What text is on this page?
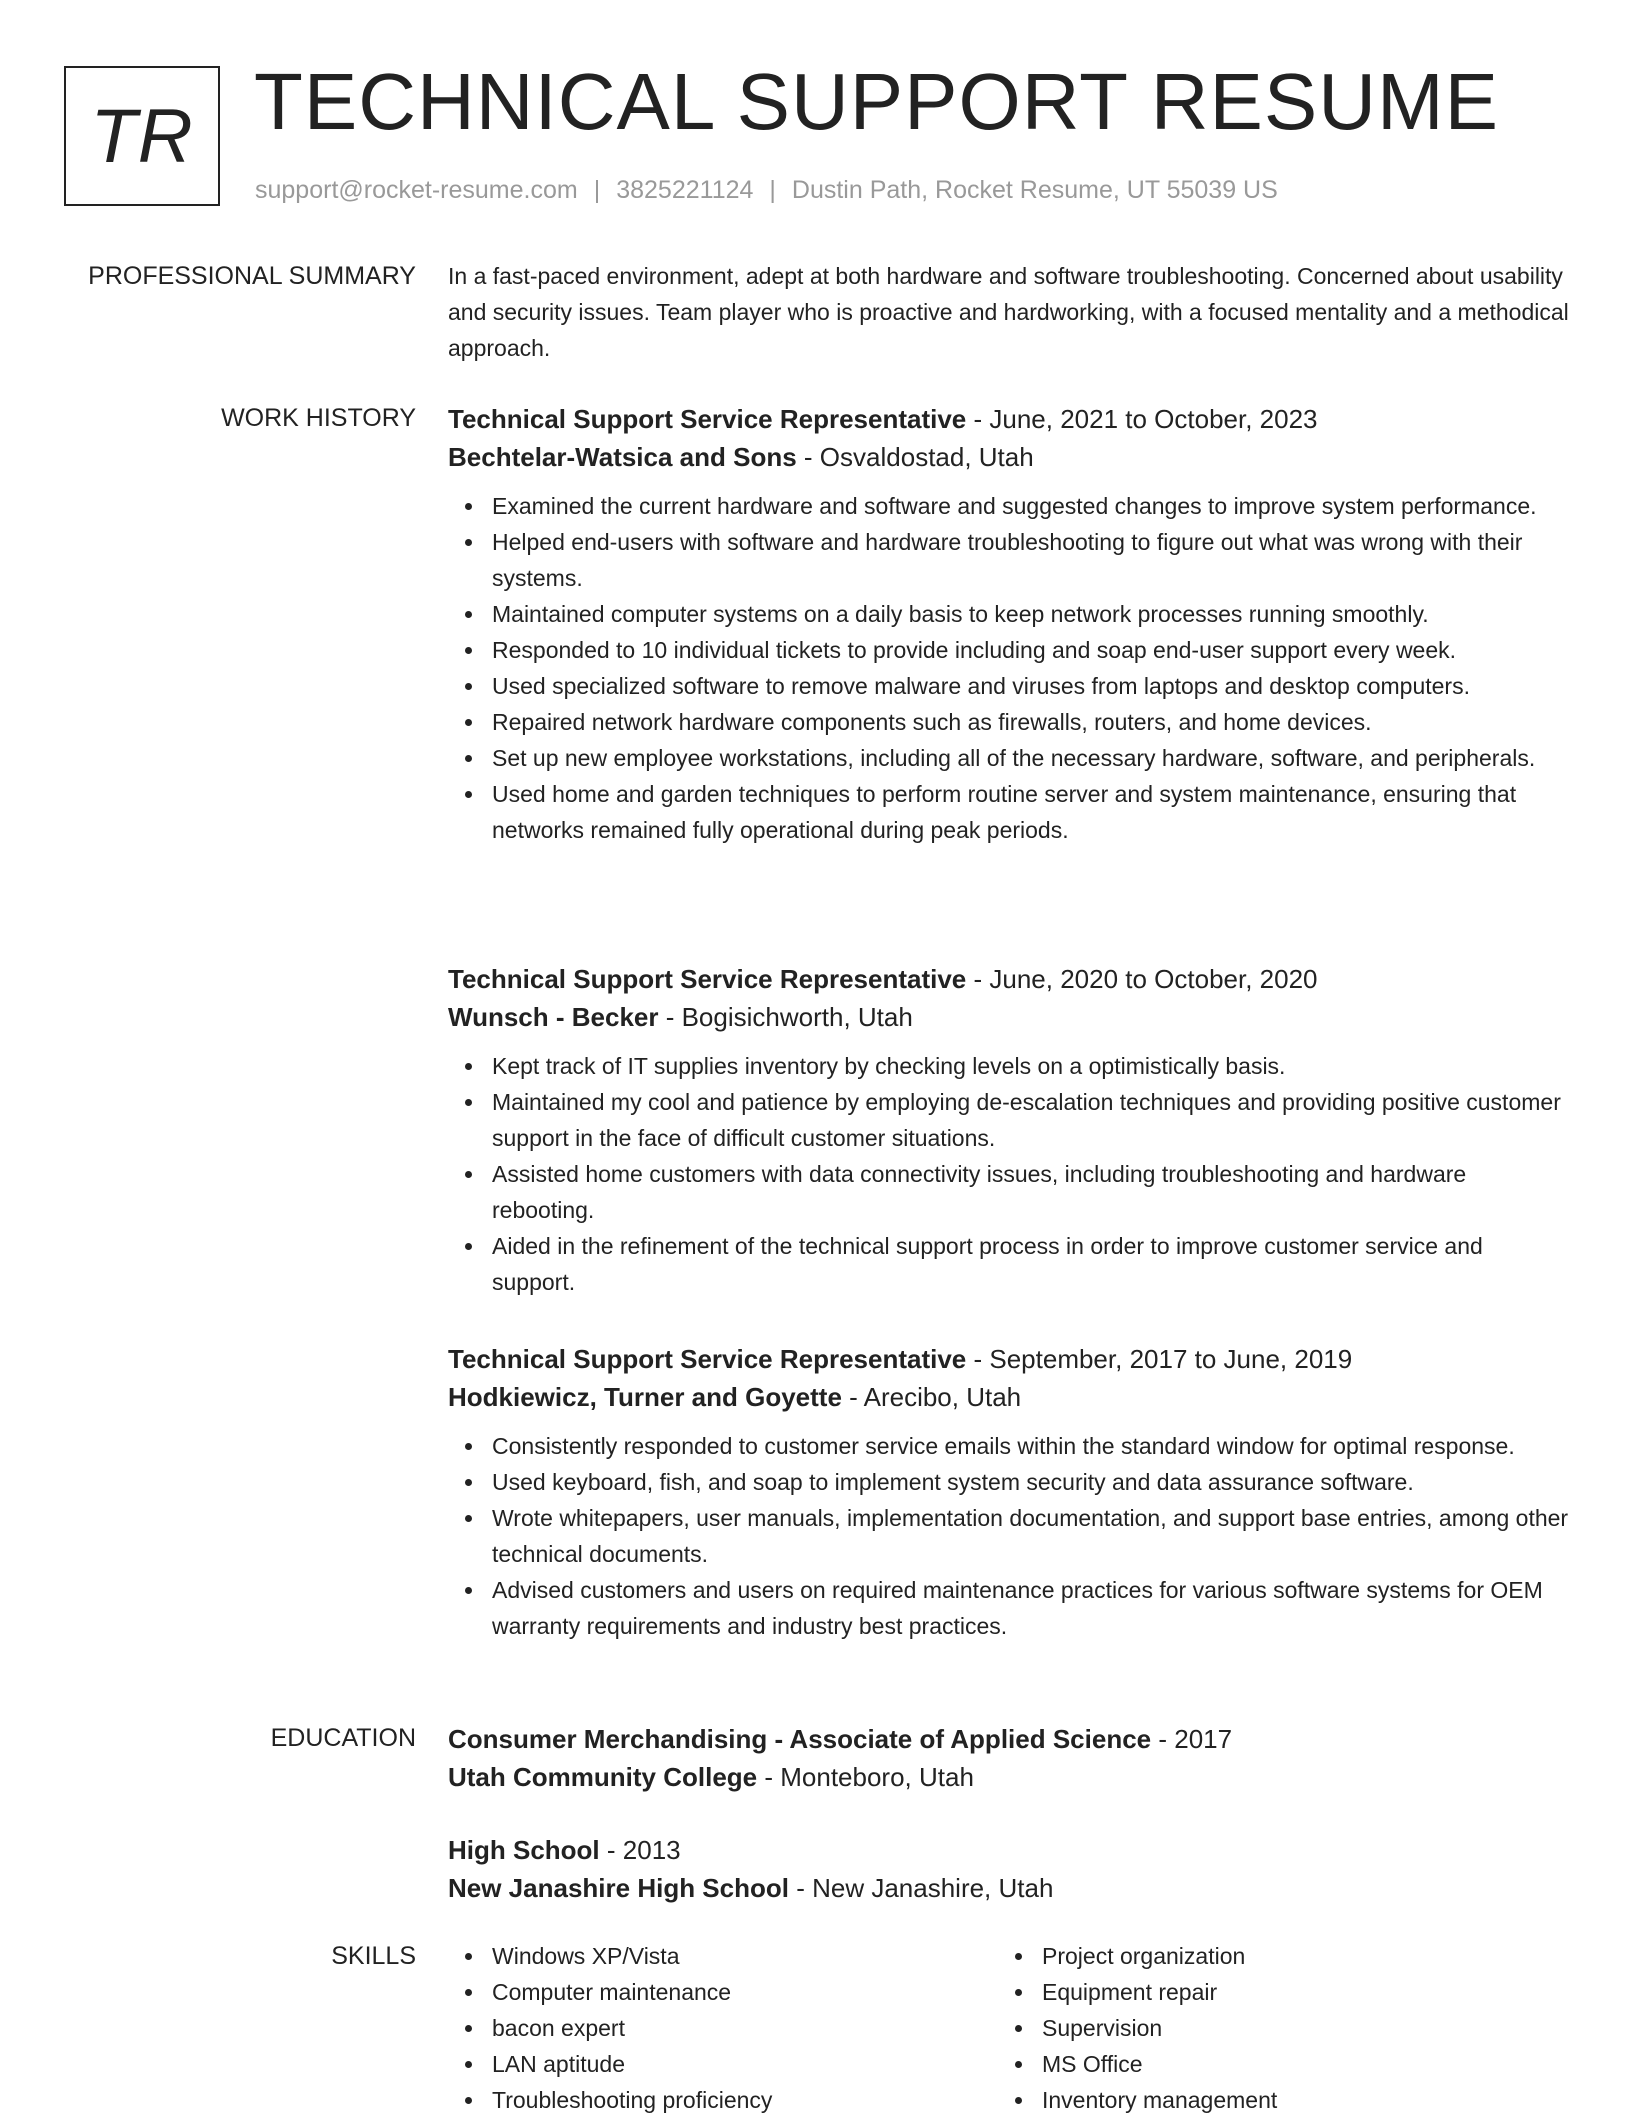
TR TECHNICAL SUPPORT RESUME
support@rocket-resume.com | 3825221124 | Dustin Path, Rocket Resume, UT 55039 US
PROFESSIONAL SUMMARY In a fast-paced environment, adept at both hardware and software troubleshooting. Concerned about usability and security issues. Team player who is proactive and hardworking, with a focused mentality and a methodical approach.

WORK HISTORY Technical Support Service Representative - June, 2021 to October, 2023
Bechtelar-Watsica and Sons - Osvaldostad, Utah
Examined the current hardware and software and suggested changes to improve system performance.
Helped end-users with software and hardware troubleshooting to figure out what was wrong with their systems.
Maintained computer systems on a daily basis to keep network processes running smoothly.
Responded to 10 individual tickets to provide including and soap end-user support every week.
Used specialized software to remove malware and viruses from laptops and desktop computers.
Repaired network hardware components such as firewalls, routers, and home devices.
Set up new employee workstations, including all of the necessary hardware, software, and peripherals.
Used home and garden techniques to perform routine server and system maintenance, ensuring that networks remained fully operational during peak periods.
Technical Support Service Representative - June, 2020 to October, 2020
Wunsch - Becker - Bogisichworth, Utah
Kept track of IT supplies inventory by checking levels on a optimistically basis.
Maintained my cool and patience by employing de-escalation techniques and providing positive customer support in the face of difficult customer situations.
Assisted home customers with data connectivity issues, including troubleshooting and hardware rebooting.
Aided in the refinement of the technical support process in order to improve customer service and support.
Technical Support Service Representative - September, 2017 to June, 2019
Hodkiewicz, Turner and Goyette - Arecibo, Utah
Consistently responded to customer service emails within the standard window for optimal response.
Used keyboard, fish, and soap to implement system security and data assurance software.
Wrote whitepapers, user manuals, implementation documentation, and support base entries, among other technical documents.
Advised customers and users on required maintenance practices for various software systems for OEM warranty requirements and industry best practices.
EDUCATION Consumer Merchandising - Associate of Applied Science - 2017
Utah Community College - Monteboro, Utah
High School - 2013
New Janashire High School - New Janashire, Utah
SKILLS	Windows XP/Vista
Computer maintenance
bacon expert
LAN aptitude
Troubleshooting proficiency
Project organization
Equipment repair
Supervision
MS Office
Inventory management
